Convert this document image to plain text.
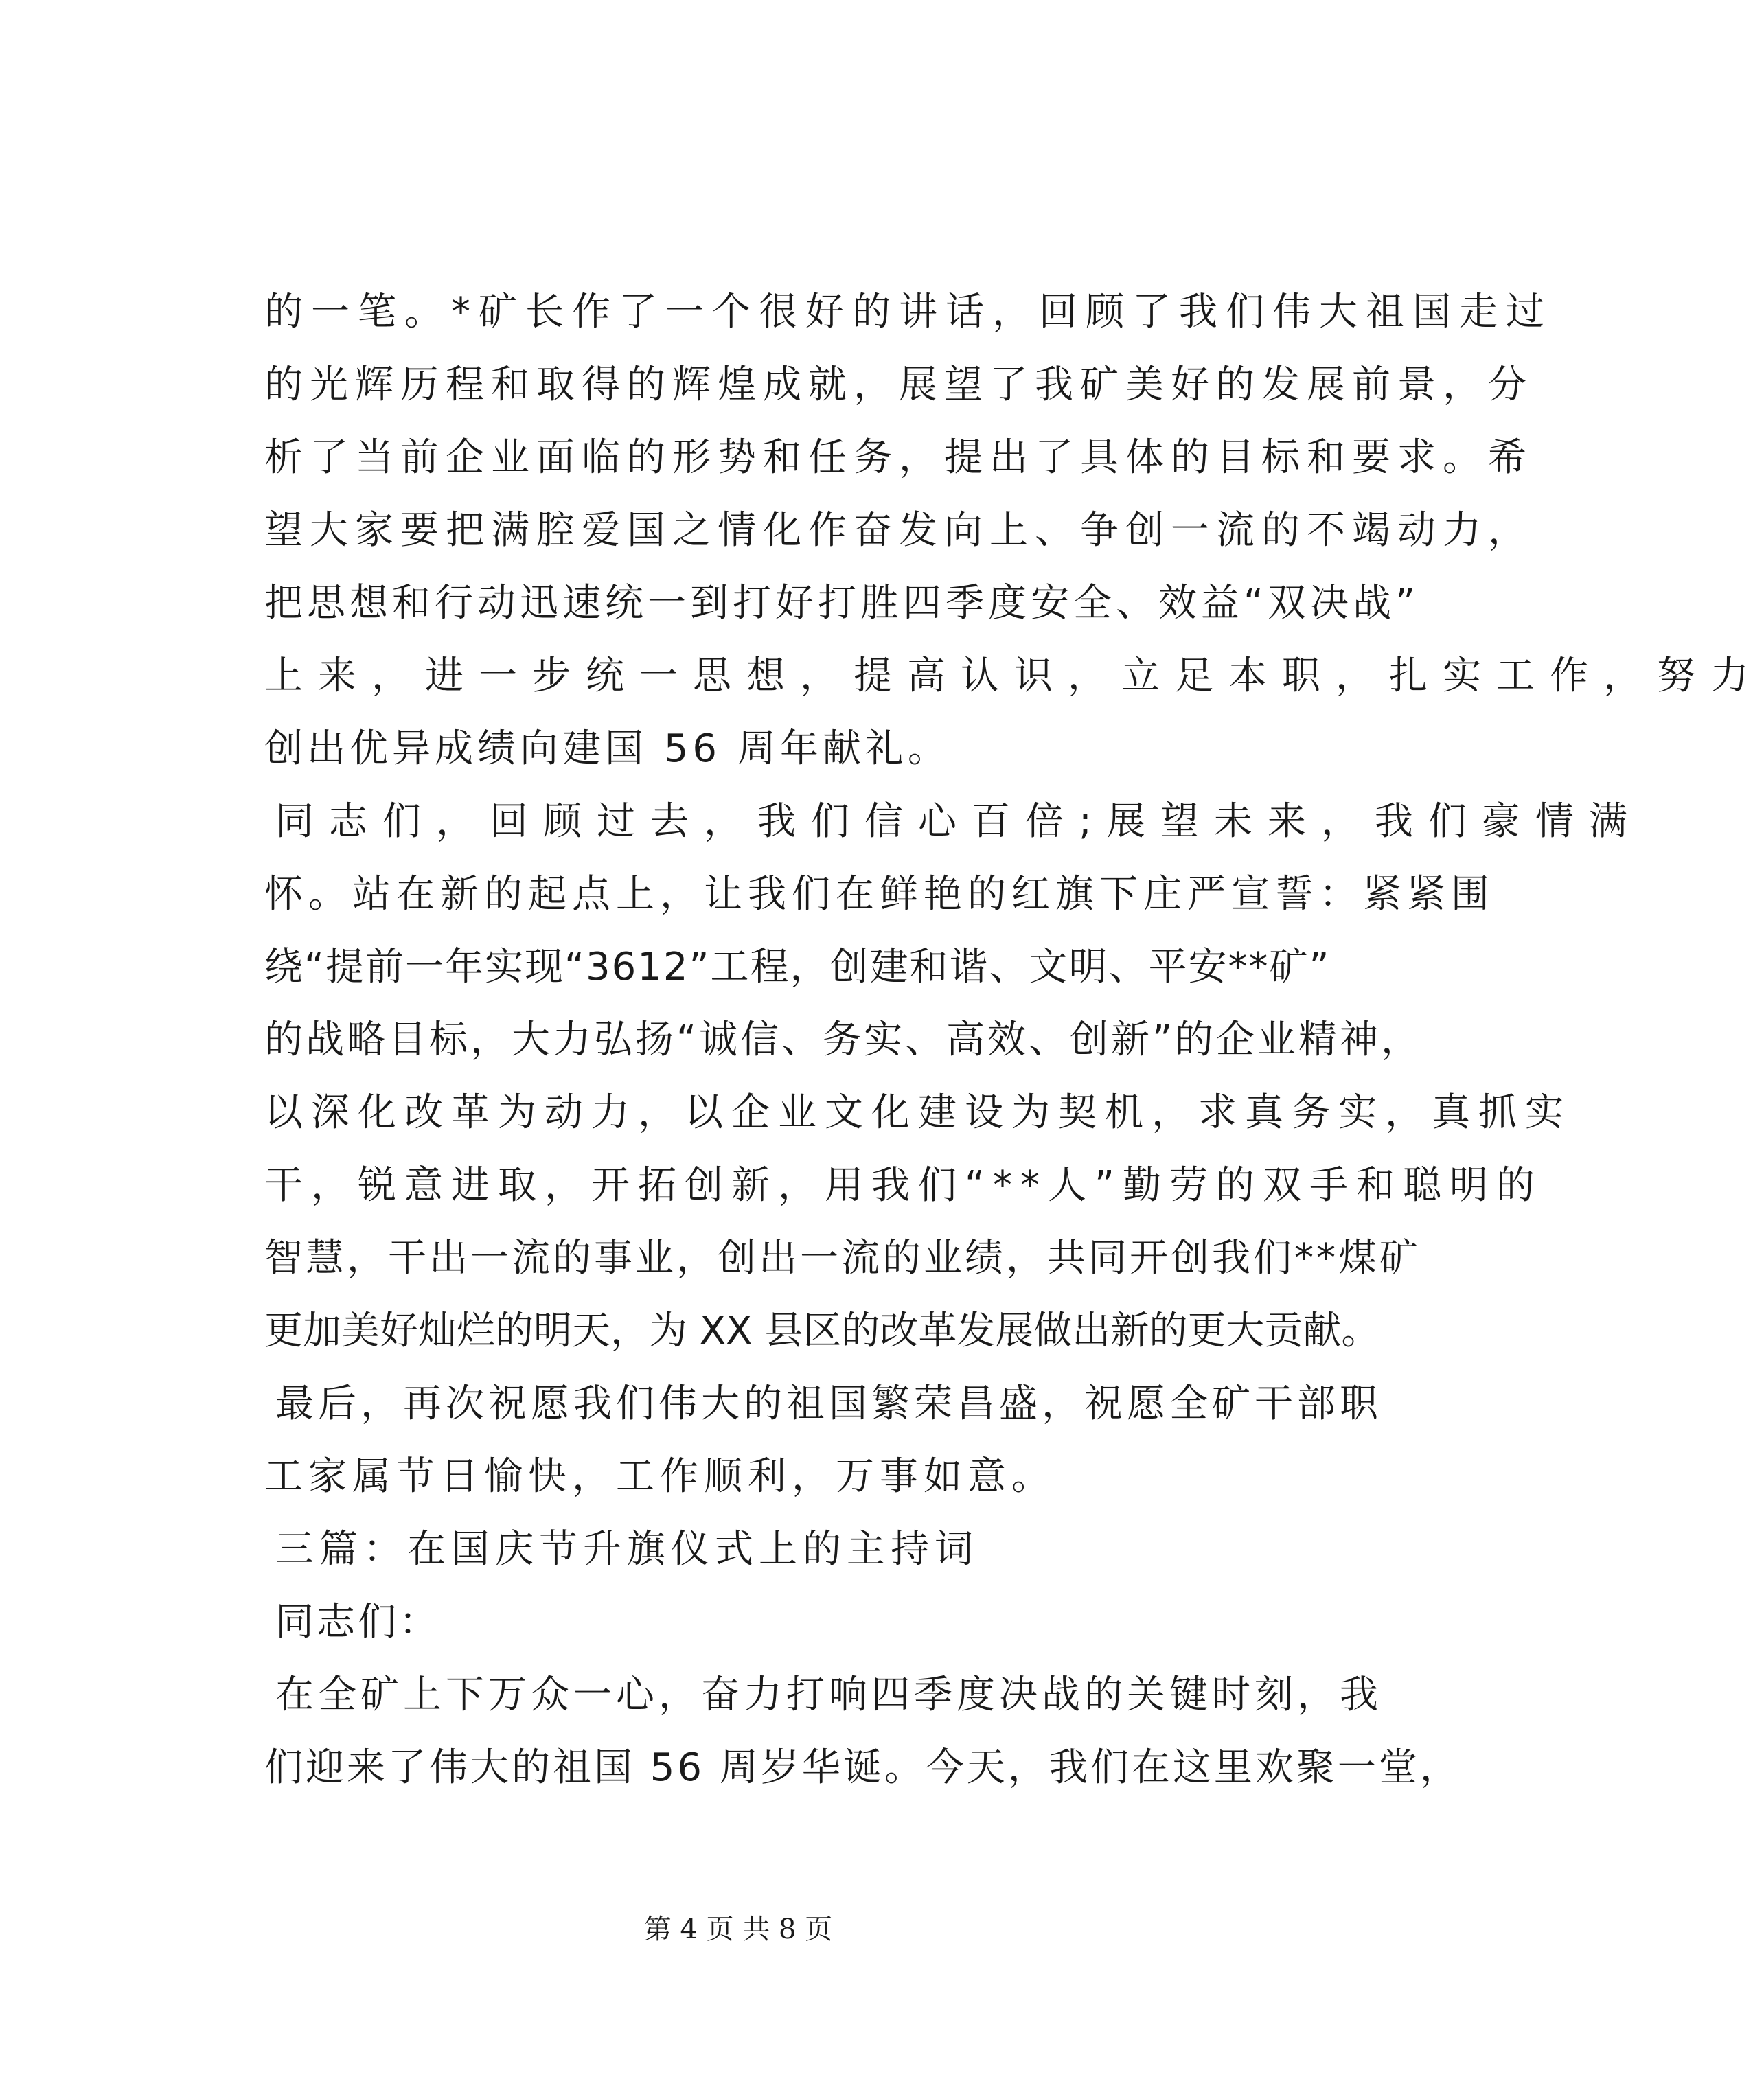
的一笔。*矿长作了一个很好的讲话，回顾了我们伟大祖国走过
的光辉历程和取得的辉煌成就，展望了我矿美好的发展前景，分
析了当前企业面临的形势和任务，提出了具体的目标和要求。希
望大家要把满腔爱国之情化作奋发向上、争创一流的不竭动力，
把思想和行动迅速统一到打好打胜四季度安全、效益“双决战”
上来，进一步统一思想，提高认识，立足本职，扎实工作，努力
创出优异成绩向建国 56 周年献礼。
同志们，回顾过去，我们信心百倍;展望未来，我们豪情满
怀。站在新的起点上，让我们在鲜艳的红旗下庄严宣誓：紧紧围
绕“提前一年实现“3612”工程，创建和谐、文明、平安**矿”
的战略目标，大力弘扬“诚信、务实、高效、创新”的企业精神，
以深化改革为动力，以企业文化建设为契机，求真务实，真抓实
干，锐意进取，开拓创新，用我们“**人”勤劳的双手和聪明的
智慧，干出一流的事业，创出一流的业绩，共同开创我们**煤矿
更加美好灿烂的明天，为 XX 县区的改革发展做出新的更大贡献。
最后，再次祝愿我们伟大的祖国繁荣昌盛，祝愿全矿干部职
工家属节日愉快，工作顺利，万事如意。
三篇：在国庆节升旗仪式上的主持词
同志们：
在全矿上下万众一心，奋力打响四季度决战的关键时刻，我
们迎来了伟大的祖国 56 周岁华诞。今天，我们在这里欢聚一堂，
第 4 页 共 8 页
